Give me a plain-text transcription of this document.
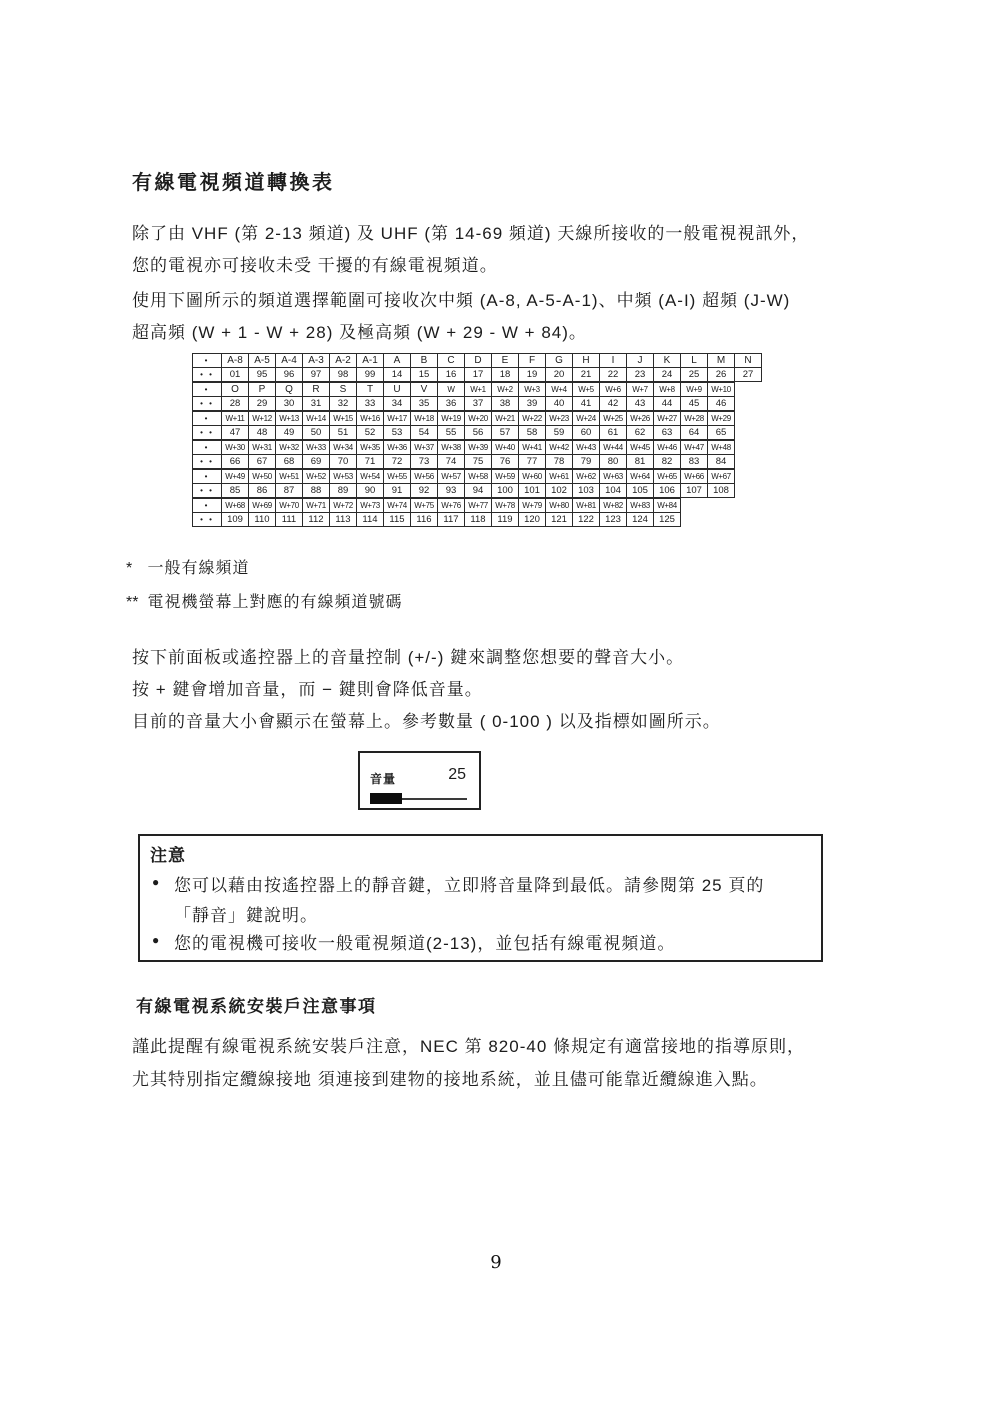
有線電視頻道轉換表
除了由 VHF (第 2-13 頻道) 及 UHF (第 14-69 頻道) 天線所接收的一般電視視訊外，
您的電視亦可接收未受 干擾的有線電視頻道。
使用下圖所示的頻道選擇範圍可接收次中頻 (A-8, A-5-A-1)、中頻 (A-I) 超頻 (J-W)
超高頻 (W + 1 - W + 28) 及極高頻 (W + 29 - W + 84)。
•	A-8	A-5	A-4	A-3	A-2	A-1	A	B	C	D	E	F	G	H	I	J	K	L	M	N
• •	01	95	96	97	98	99	14	15	16	17	18	19	20	21	22	23	24	25	26	27
•	O	P	Q	R	S	T	U	V	W	W+1	W+2	W+3	W+4	W+5	W+6	W+7	W+8	W+9	W+10
• •	28	29	30	31	32	33	34	35	36	37	38	39	40	41	42	43	44	45	46
•	W+11	W+12	W+13	W+14	W+15	W+16	W+17	W+18	W+19	W+20	W+21	W+22	W+23	W+24	W+25	W+26	W+27	W+28	W+29
• •	47	48	49	50	51	52	53	54	55	56	57	58	59	60	61	62	63	64	65
•	W+30	W+31	W+32	W+33	W+34	W+35	W+36	W+37	W+38	W+39	W+40	W+41	W+42	W+43	W+44	W+45	W+46	W+47	W+48
• •	66	67	68	69	70	71	72	73	74	75	76	77	78	79	80	81	82	83	84
•	W+49	W+50	W+51	W+52	W+53	W+54	W+55	W+56	W+57	W+58	W+59	W+60	W+61	W+62	W+63	W+64	W+65	W+66	W+67
• •	85	86	87	88	89	90	91	92	93	94	100	101	102	103	104	105	106	107	108
•	W+68	W+69	W+70	W+71	W+72	W+73	W+74	W+75	W+76	W+77	W+78	W+79	W+80	W+81	W+82	W+83	W+84
• •	109	110	111	112	113	114	115	116	117	118	119	120	121	122	123	124	125
* 一般有線頻道
** 電視機螢幕上對應的有線頻道號碼
按下前面板或遙控器上的音量控制 (+/-) 鍵來調整您想要的聲音大小。
按 + 鍵會增加音量，而 − 鍵則會降低音量。
目前的音量大小會顯示在螢幕上。參考數量 ( 0-100 ) 以及指標如圖所示。
音量	25
注意
● 您可以藉由按遙控器上的靜音鍵，立即將音量降到最低。請參閱第 25 頁的
「靜音」鍵說明。
● 您的電視機可接收一般電視頻道(2-13)，並包括有線電視頻道。
有線電視系統安裝戶注意事項
謹此提醒有線電視系統安裝戶注意，NEC 第 820-40 條規定有適當接地的指導原則，
尤其特別指定纜線接地 須連接到建物的接地系統，並且儘可能靠近纜線進入點。
9
